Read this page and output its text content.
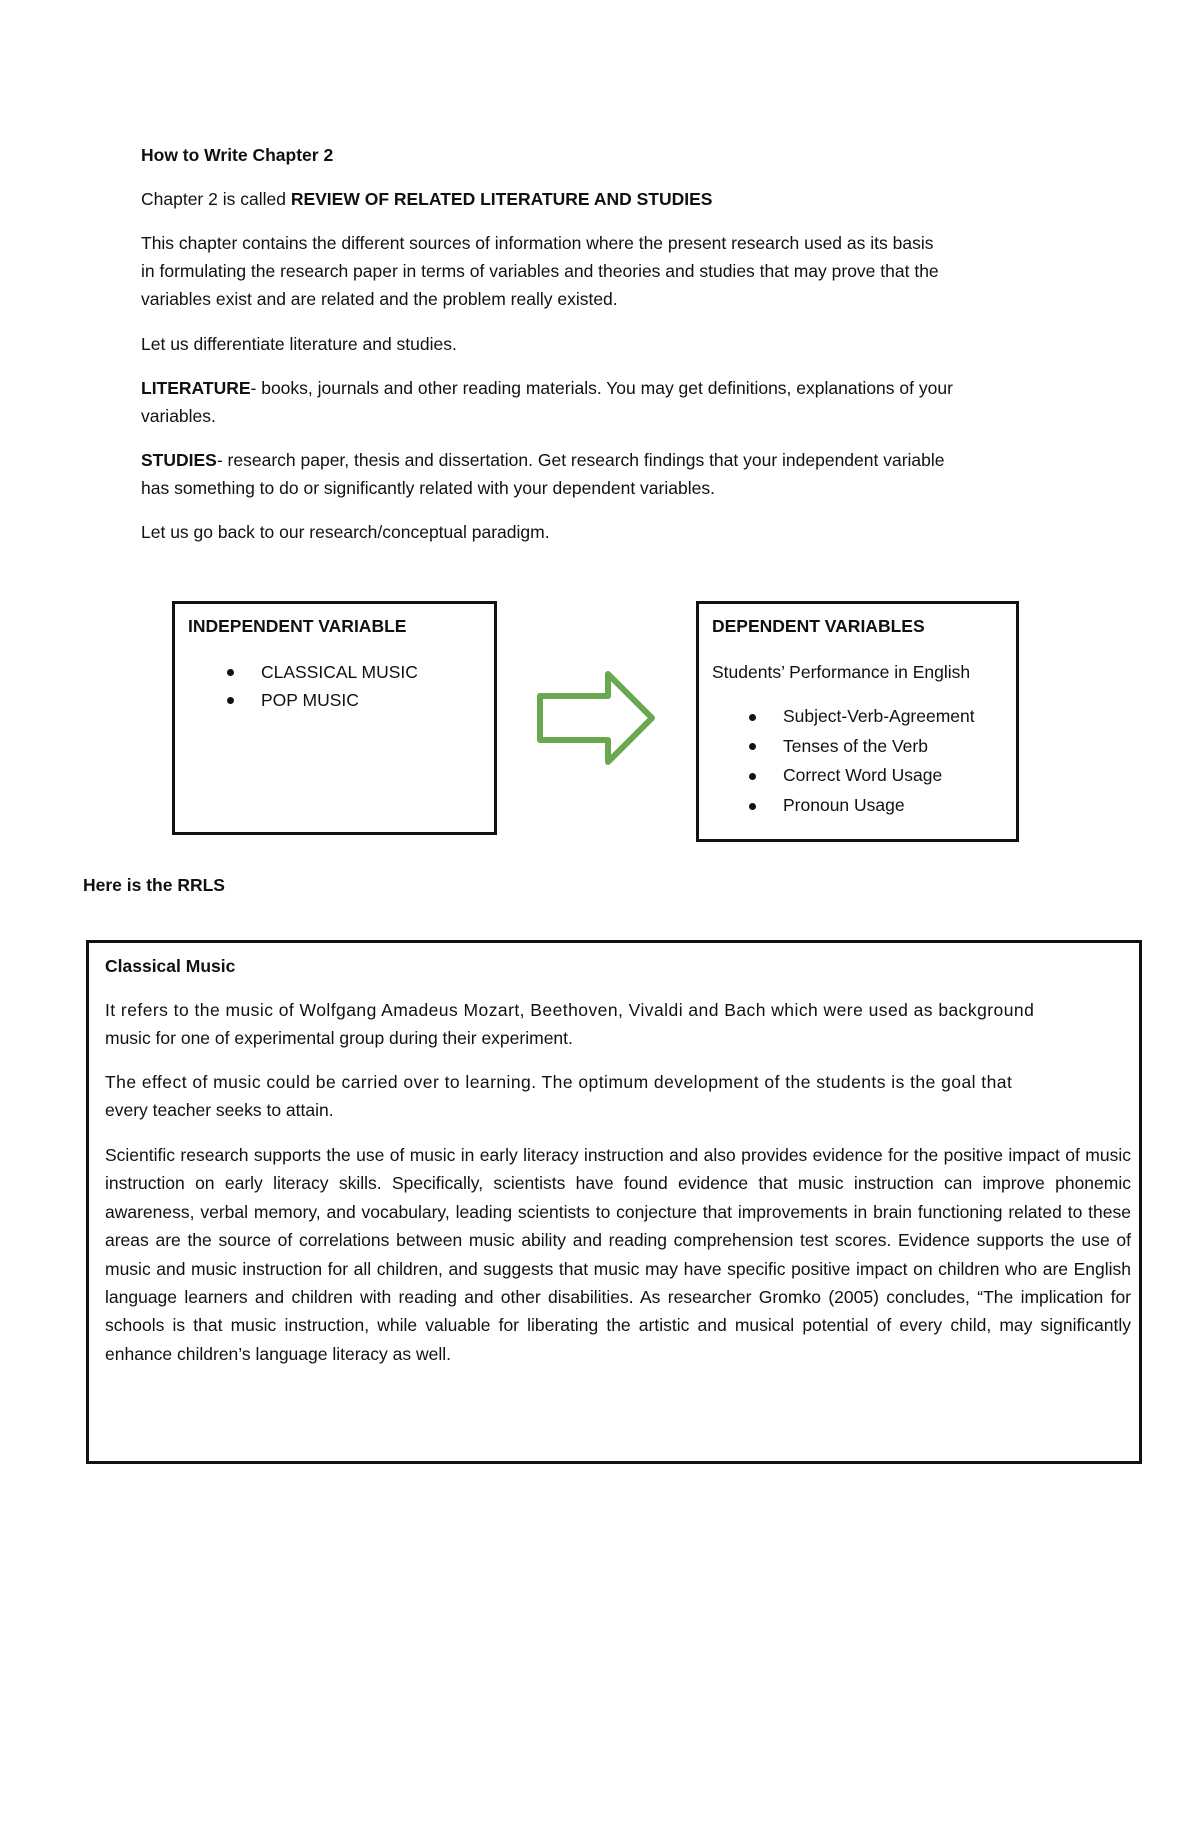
How to Write Chapter 2

Chapter 2 is called REVIEW OF RELATED LITERATURE AND STUDIES

This chapter contains the different sources of information where the present research used as its basis

in formulating the research paper in terms of variables and theories and studies that may prove that the

variables exist and are related and the problem really existed.

Let us differentiate literature and studies.

LITERATURE- books, journals and other reading materials. You may get definitions, explanations of your

variables.

STUDIES- research paper, thesis and dissertation. Get research findings that your independent variable

has something to do or significantly related with your dependent variables.

Let us go back to our research/conceptual paradigm.

INDEPENDENT VARIABLE
CLASSICAL MUSIC
POP MUSIC
DEPENDENT VARIABLES
Students’ Performance in English
Subject-Verb-Agreement
Tenses of the Verb
Correct Word Usage
Pronoun Usage

Here is the RRLS

Classical Music

It refers to the music of Wolfgang Amadeus Mozart, Beethoven, Vivaldi and Bach which were used as background

music for one of experimental group during their experiment.

The effect of music could be carried over to learning. The optimum development of the students is the goal that

every teacher seeks to attain.

Scientific research supports the use of music in early literacy instruction and also provides evidence for the positive impact of music instruction on early literacy skills. Specifically, scientists have found evidence that music instruction can improve phonemic awareness, verbal memory, and vocabulary, leading scientists to conjecture that improvements in brain functioning related to these areas are the source of correlations between music ability and reading comprehension test scores. Evidence supports the use of music and music instruction for all children, and suggests that music may have specific positive impact on children who are English language learners and children with reading and other disabilities. As researcher Gromko (2005) concludes, “The implication for schools is that music instruction, while valuable for liberating the artistic and musical potential of every child, may significantly enhance children’s language literacy as well.
